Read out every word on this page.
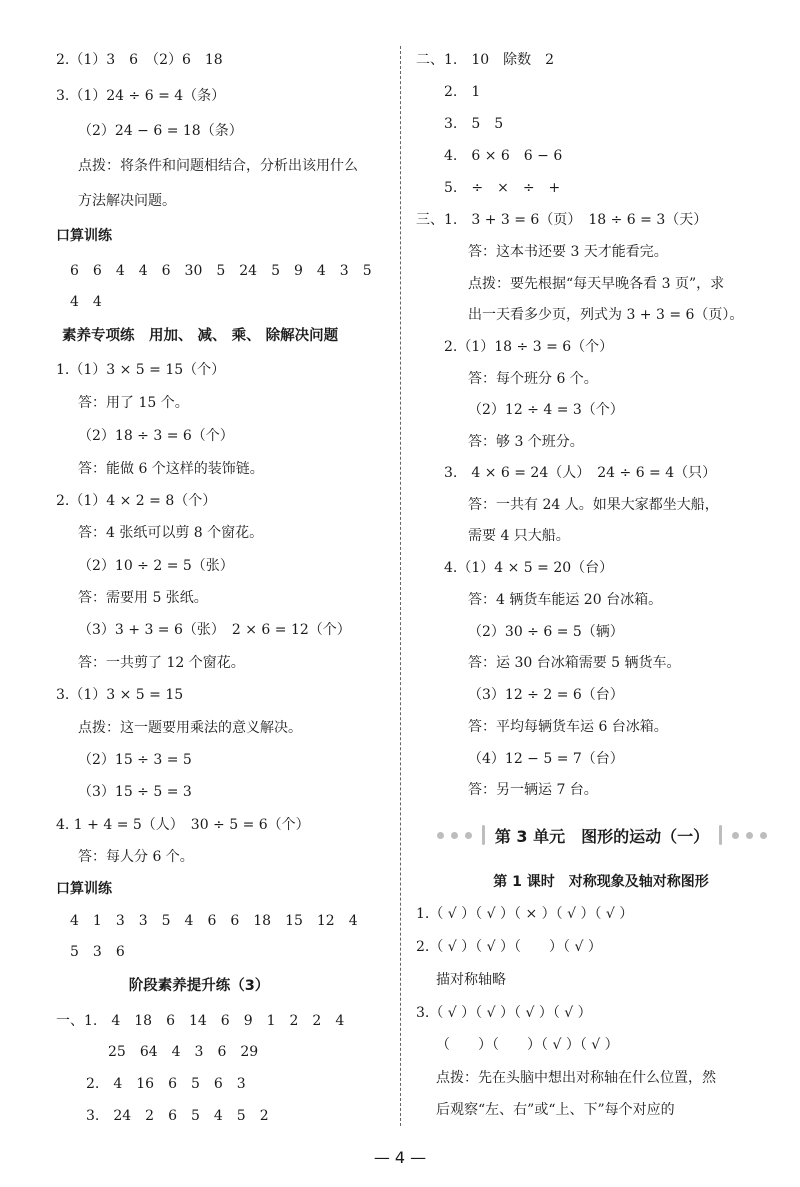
2.（1）3　6　（2）6　18
3.（1）24 ÷ 6 = 4（条）
（2）24 − 6 = 18（条）
点拨：将条件和问题相结合，分析出该用什么
方法解决问题。
口算训练
6　6　4　4　6　30　5　24　5　9　4　3　5
4　4
素养专项练　用加、 减、 乘、 除解决问题
1.（1）3 × 5 = 15（个）
答：用了 15 个。
（2）18 ÷ 3 = 6（个）
答：能做 6 个这样的装饰链。
2.（1）4 × 2 = 8（个）
答：4 张纸可以剪 8 个窗花。
（2）10 ÷ 2 = 5（张）
答：需要用 5 张纸。
（3）3 + 3 = 6（张）　2 × 6 = 12（个）
答：一共剪了 12 个窗花。
3.（1）3 × 5 = 15
点拨：这一题要用乘法的意义解决。
（2）15 ÷ 3 = 5
（3）15 ÷ 5 = 3
4. 1 + 4 = 5（人）　30 ÷ 5 = 6（个）
答：每人分 6 个。
口算训练
4　1　3　3　5　4　6　6　18　15　12　4
5　3　6
阶段素养提升练（3）
一、1.　4　18　6　14　6　9　1　2　2　4
25　64　4　3　6　29
2.　4　16　6　5　6　3
3.　24　2　6　5　4　5　2
第 3 单元　图形的运动（一）
二、1.　10　除数　2
2.　1
3.　5　5
4.　6 × 6　6 − 6
5.　÷　×　÷　+
三、1.　3 + 3 = 6（页）　18 ÷ 6 = 3（天）
答：这本书还要 3 天才能看完。
点拨：要先根据“每天早晚各看 3 页”，求
出一天看多少页，列式为 3 + 3 = 6（页）。
2.（1）18 ÷ 3 = 6（个）
答：每个班分 6 个。
（2）12 ÷ 4 = 3（个）
答：够 3 个班分。
3.　4 × 6 = 24（人）　24 ÷ 6 = 4（只）
答：一共有 24 人。如果大家都坐大船，
需要 4 只大船。
4.（1）4 × 5 = 20（台）
答：4 辆货车能运 20 台冰箱。
（2）30 ÷ 6 = 5（辆）
答：运 30 台冰箱需要 5 辆货车。
（3）12 ÷ 2 = 6（台）
答：平均每辆货车运 6 台冰箱。
（4）12 − 5 = 7（台）
答：另一辆运 7 台。
第 1 课时　对称现象及轴对称图形
1.（ √ ）（ √ ）（ × ）（ √ ）（ √ ）
2.（ √ ）（ √ ）（　　）（ √ ）
描对称轴略
3.（ √ ）（ √ ）（ √ ）（ √ ）
（　　）（　　）（ √ ）（ √ ）
点拨：先在头脑中想出对称轴在什么位置，然
后观察“左、右”或“上、下”每个对应的
— 4 —
